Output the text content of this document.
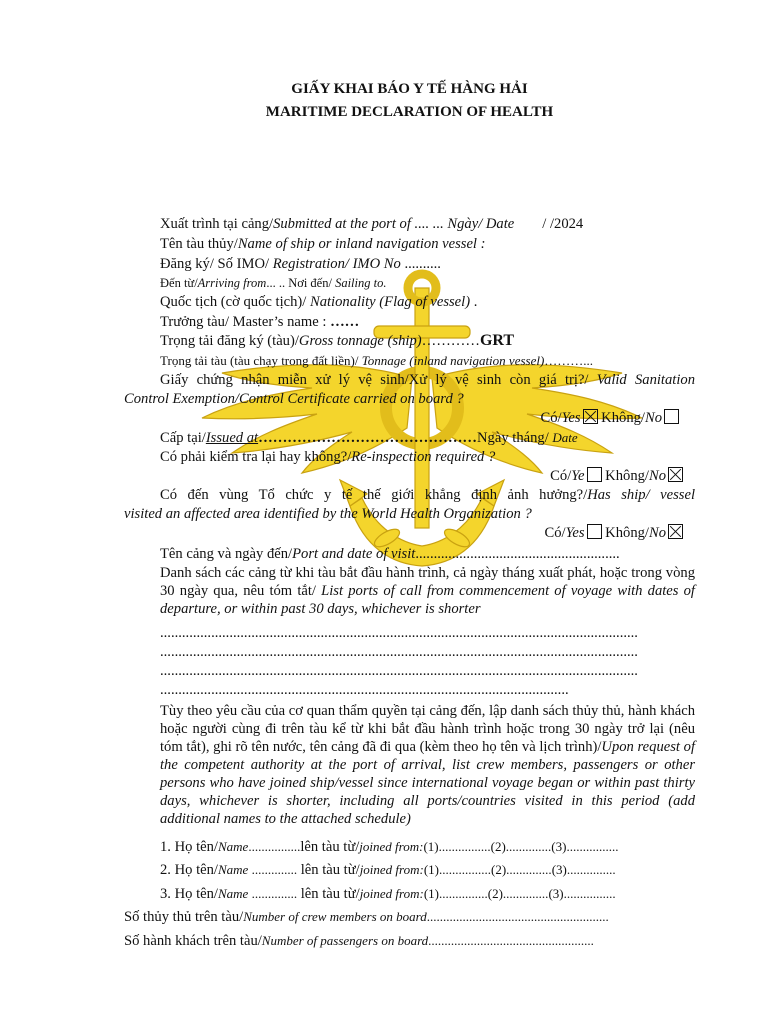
GIẤY KHAI BÁO Y TẾ HÀNG HẢI
MARITIME DECLARATION OF HEALTH
Xuất trình tại cảng/Submitted at the port of .... ... Ngày/ Date / /2024
Tên tàu thủy/Name of ship or inland navigation vessel :
Đăng ký/ Số IMO/ Registration/ IMO No ..........
Đến từ/Arriving from... .. Nơi đến/ Sailing to.
Quốc tịch (cờ quốc tịch)/ Nationality (Flag of vessel) .
Trưởng tàu/ Master’s name : ……
Trọng tải đăng ký (tàu)/Gross tonnage (ship)…………GRT
Trọng tải tàu (tàu chạy trong đất liền)/ Tonnage (inland navigation vessel)………...
Giấy chứng nhận miễn xử lý vệ sinh/Xử lý vệ sinh còn giá trị?/ Valid Sanitation
Control Exemption/Control Certificate carried on board ?
Có/Yes Không/No
Cấp tại/Issued at………………………………………Ngày tháng/ Date
Có phải kiểm tra lại hay không?/Re-inspection required ?
Có/Ye Không/No
Có đến vùng Tổ chức y tế thế giới khẳng định ảnh hưởng?/Has ship/ vessel
visited an affected area identified by the World Health Organization ?
Có/Yes Không/No
Tên cảng và ngày đến/Port and date of visit........................................................
Danh sách các cảng từ khi tàu bắt đầu hành trình, cả ngày tháng xuất phát, hoặc trong vòng 30 ngày qua, nêu tóm tắt/ List ports of call from commencement of voyage with dates of departure, or within past 30 days, whichever is shorter
...................................................................................................................................
...................................................................................................................................
...................................................................................................................................
................................................................................................................
Tùy theo yêu cầu của cơ quan thẩm quyền tại cảng đến, lập danh sách thủy thủ, hành khách hoặc người cùng đi trên tàu kể từ khi bắt đầu hành trình hoặc trong 30 ngày trở lại (nêu tóm tắt), ghi rõ tên nước, tên cảng đã đi qua (kèm theo họ tên và lịch trình)/Upon request of the competent authority at the port of arrival, list crew members, passengers or other persons who have joined ship/vessel since international voyage began or within past thirty days, whichever is shorter, including all ports/countries visited in this period (add additional names to the attached schedule)
1. Họ tên/Name................lên tàu từ/joined from:(1)................(2)..............(3)................
2. Họ tên/Name .............. lên tàu từ/joined from:(1)................(2)..............(3)...............
3. Họ tên/Name .............. lên tàu từ/joined from:(1)...............(2)..............(3)................
Số thủy thủ trên tàu/Number of crew members on board........................................................
Số hành khách trên tàu/Number of passengers on board...................................................
